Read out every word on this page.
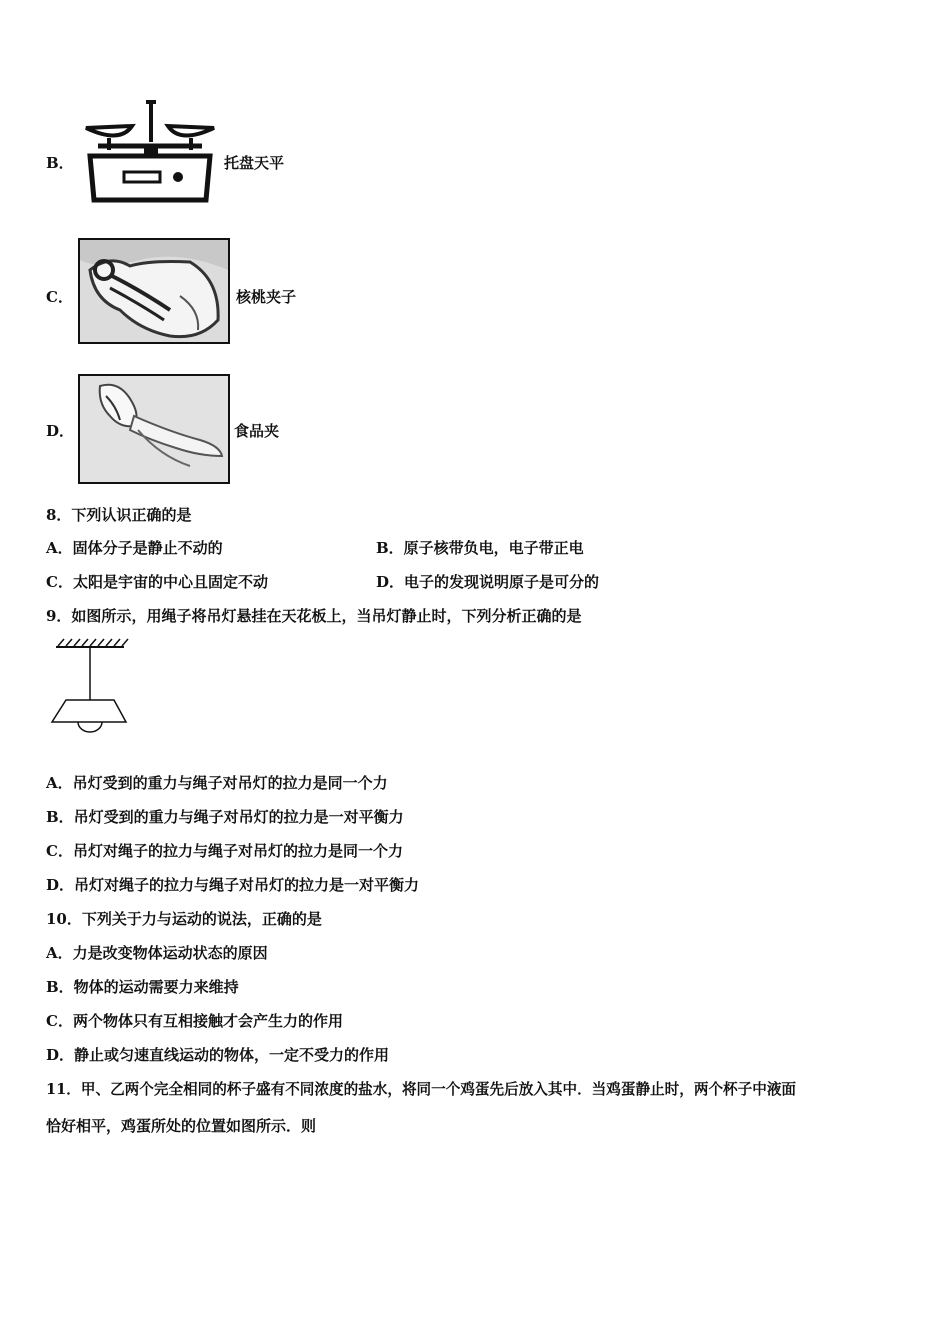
B．	托盘天平
C．	核桃夹子
D．	食品夹
8．下列认识正确的是
A．固体分子是静止不动的	B．原子核带负电，电子带正电
C．太阳是宇宙的中心且固定不动	D．电子的发现说明原子是可分的
9．如图所示，用绳子将吊灯悬挂在天花板上，当吊灯静止时，下列分析正确的是
A．吊灯受到的重力与绳子对吊灯的拉力是同一个力
B．吊灯受到的重力与绳子对吊灯的拉力是一对平衡力
C．吊灯对绳子的拉力与绳子对吊灯的拉力是同一个力
D．吊灯对绳子的拉力与绳子对吊灯的拉力是一对平衡力
10．下列关于力与运动的说法，正确的是
A．力是改变物体运动状态的原因
B．物体的运动需要力来维持
C．两个物体只有互相接触才会产生力的作用
D．静止或匀速直线运动的物体，一定不受力的作用
11．甲、乙两个完全相同的杯子盛有不同浓度的盐水，将同一个鸡蛋先后放入其中．当鸡蛋静止时，两个杯子中液面
恰好相平，鸡蛋所处的位置如图所示．则
